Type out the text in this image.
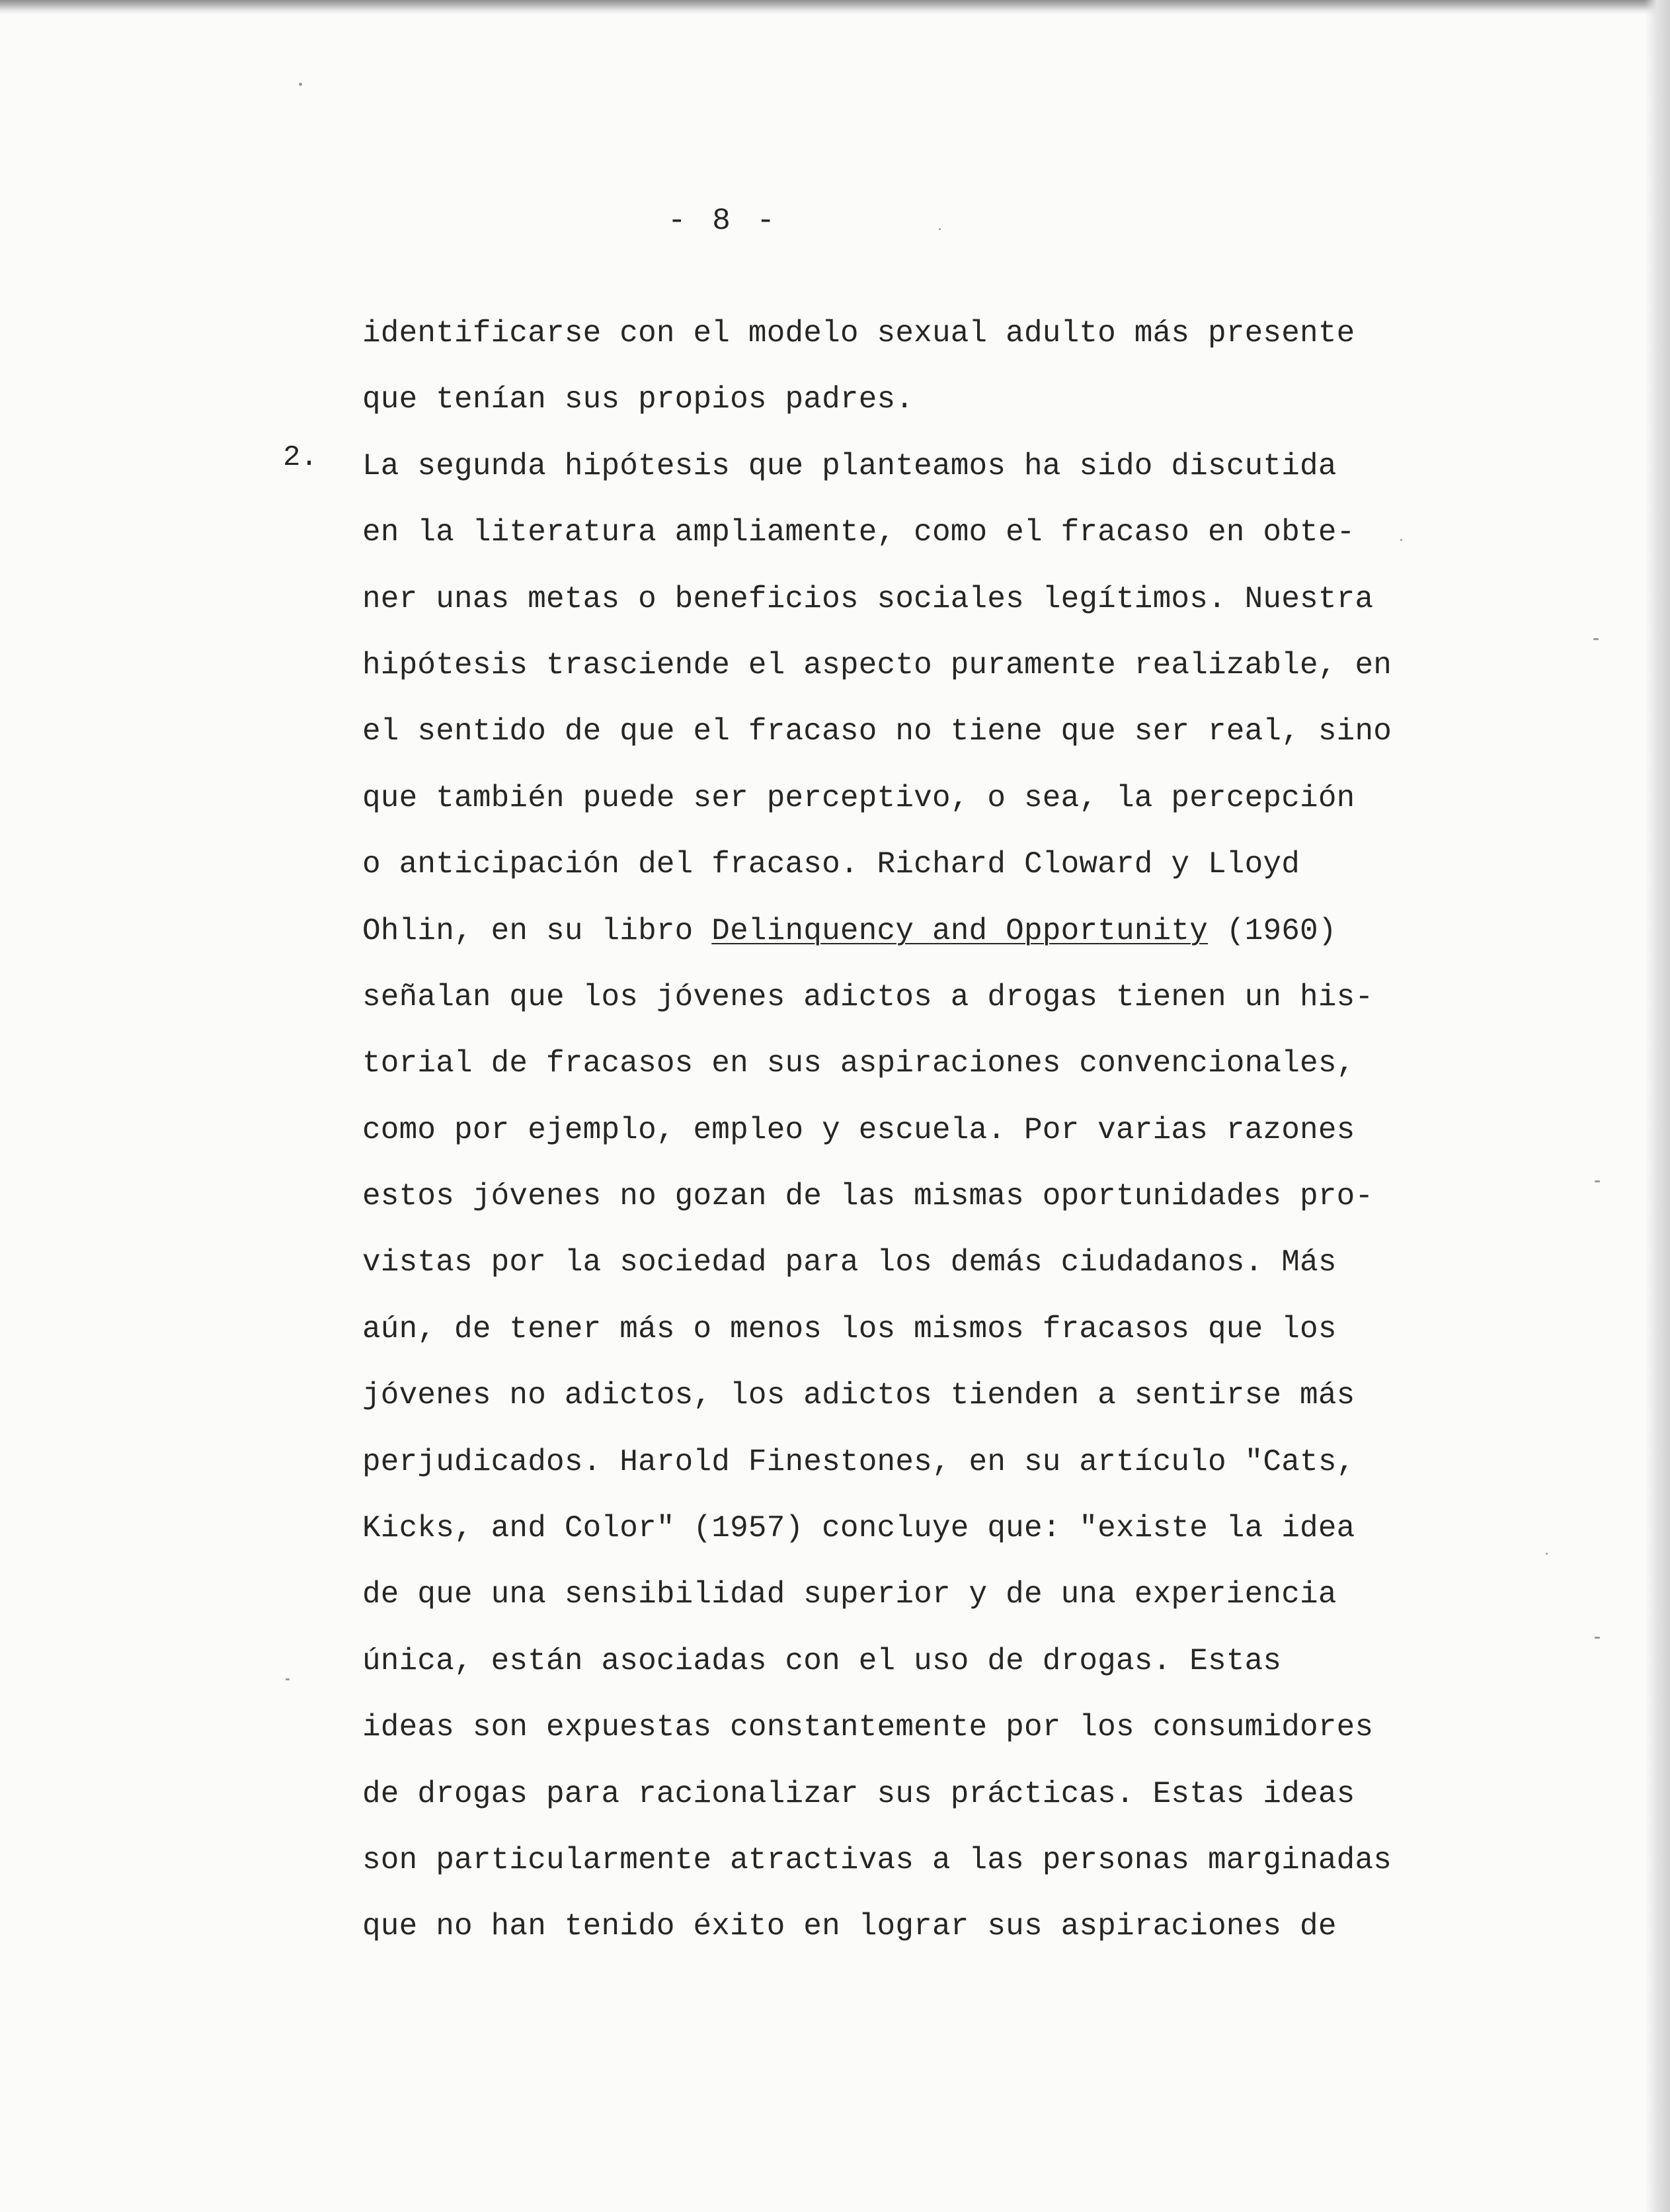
- 8 -
2.
identificarse con el modelo sexual adulto más presente
que tenían sus propios padres.
La segunda hipótesis que planteamos ha sido discutida
en la literatura ampliamente, como el fracaso en obte-
ner unas metas o beneficios sociales legítimos. Nuestra
hipótesis trasciende el aspecto puramente realizable, en
el sentido de que el fracaso no tiene que ser real, sino
que también puede ser perceptivo, o sea, la percepción
o anticipación del fracaso. Richard Cloward y Lloyd
Ohlin, en su libro Delinquency and Opportunity (1960)
señalan que los jóvenes adictos a drogas tienen un his-
torial de fracasos en sus aspiraciones convencionales,
como por ejemplo, empleo y escuela. Por varias razones
estos jóvenes no gozan de las mismas oportunidades pro-
vistas por la sociedad para los demás ciudadanos. Más
aún, de tener más o menos los mismos fracasos que los
jóvenes no adictos, los adictos tienden a sentirse más
perjudicados. Harold Finestones, en su artículo "Cats,
Kicks, and Color" (1957) concluye que: "existe la idea
de que una sensibilidad superior y de una experiencia
única, están asociadas con el uso de drogas. Estas
ideas son expuestas constantemente por los consumidores
de drogas para racionalizar sus prácticas. Estas ideas
son particularmente atractivas a las personas marginadas
que no han tenido éxito en lograr sus aspiraciones de
